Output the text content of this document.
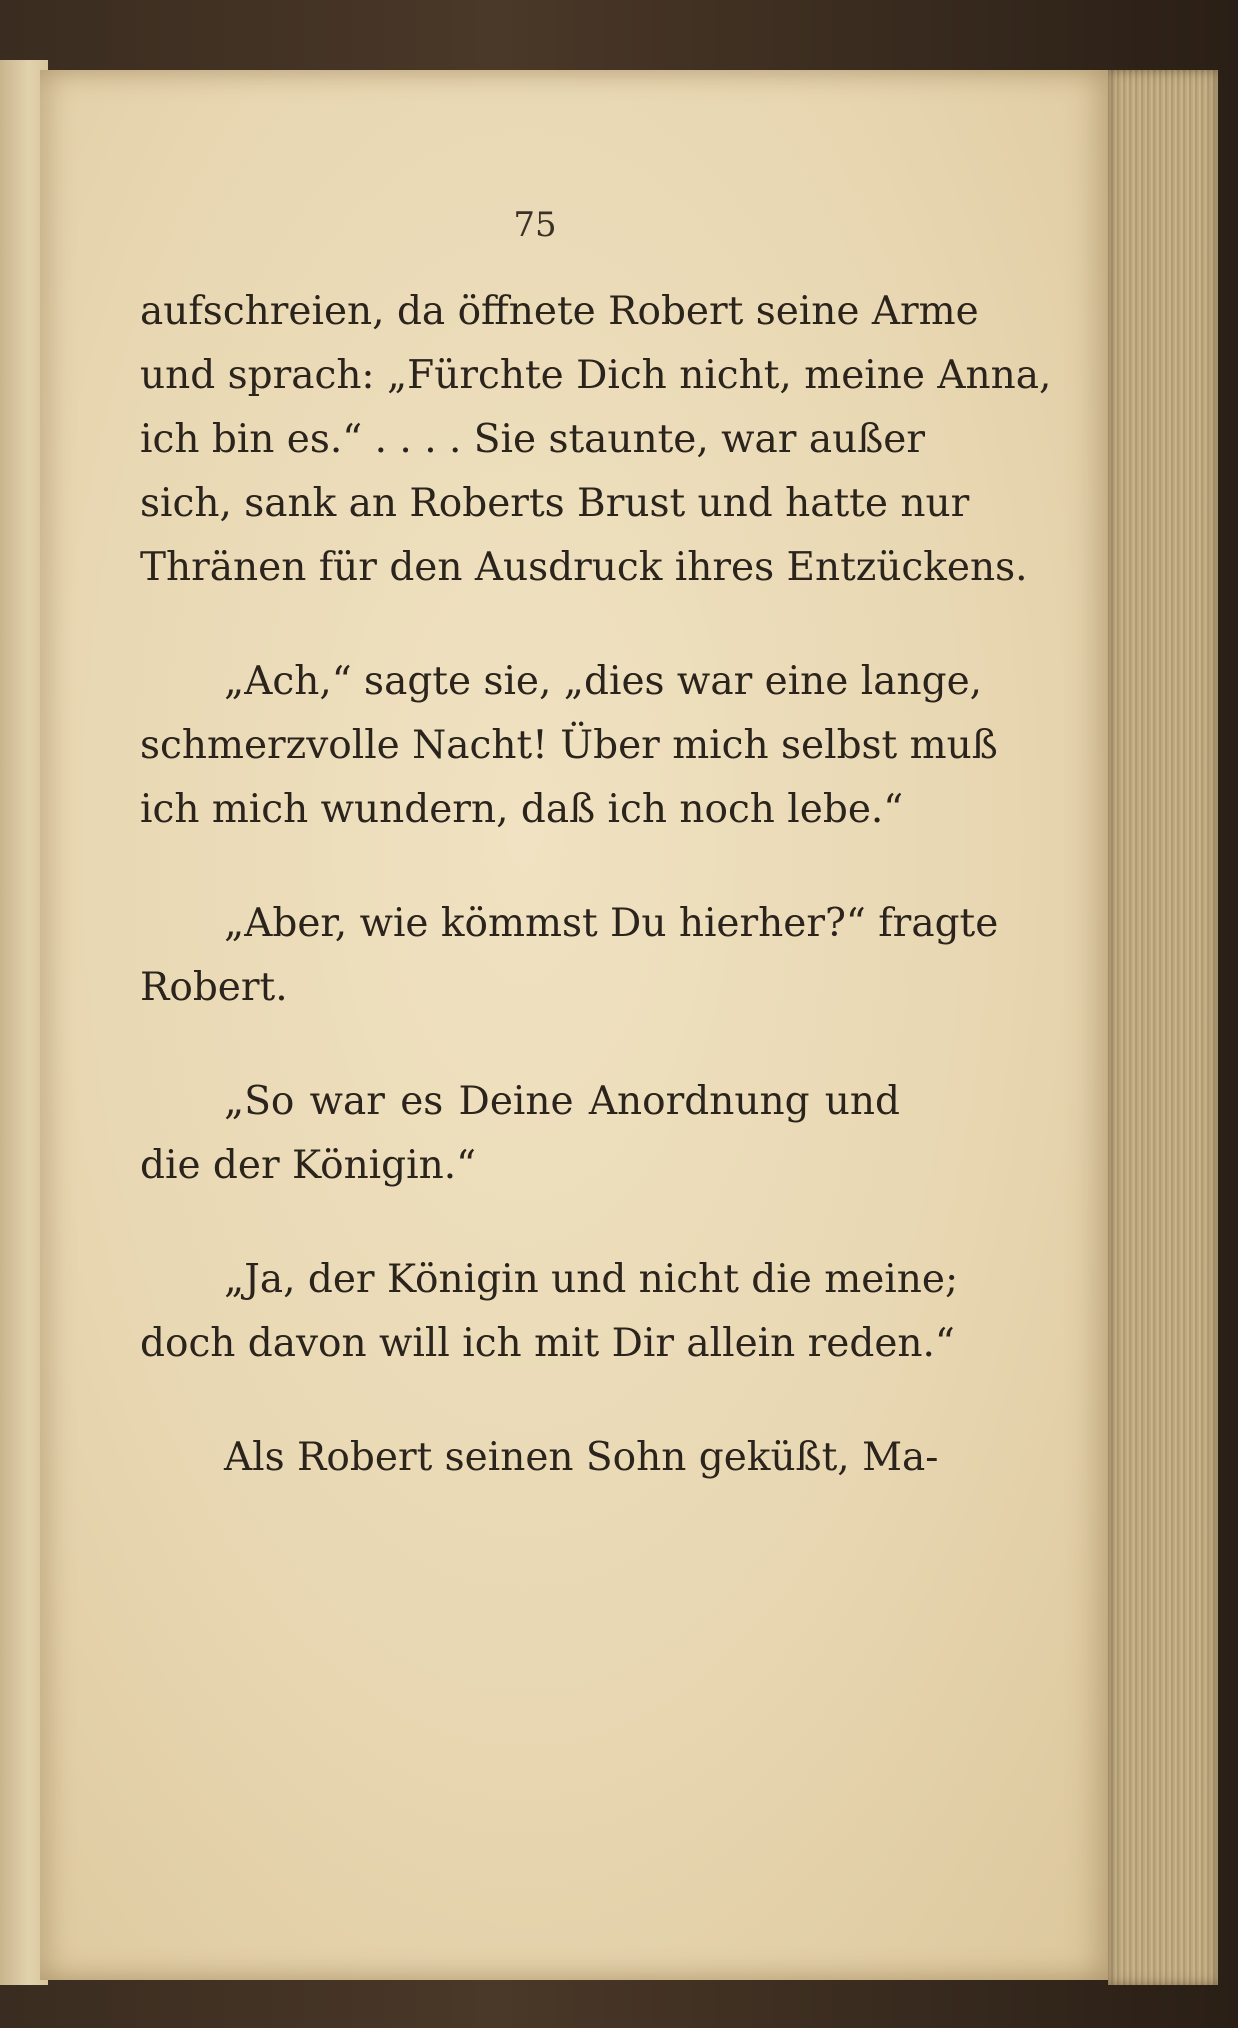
75
aufschreien, da öffnete Robert seine Arme
und sprach: „Fürchte Dich nicht, meine Anna,
ich bin es.“ . . . . Sie staunte, war außer
sich, sank an Roberts Brust und hatte nur
Thränen für den Ausdruck ihres Entzückens.
„Ach,“ sagte sie, „dies war eine lange,
schmerzvolle Nacht! Über mich selbst muß
ich mich wundern, daß ich noch lebe.“
„Aber, wie kömmst Du hierher?“ fragte
Robert.
„So war es Deine Anordnung und
die der Königin.“
„Ja, der Königin und nicht die meine;
doch davon will ich mit Dir allein reden.“
Als Robert seinen Sohn geküßt, Ma-
